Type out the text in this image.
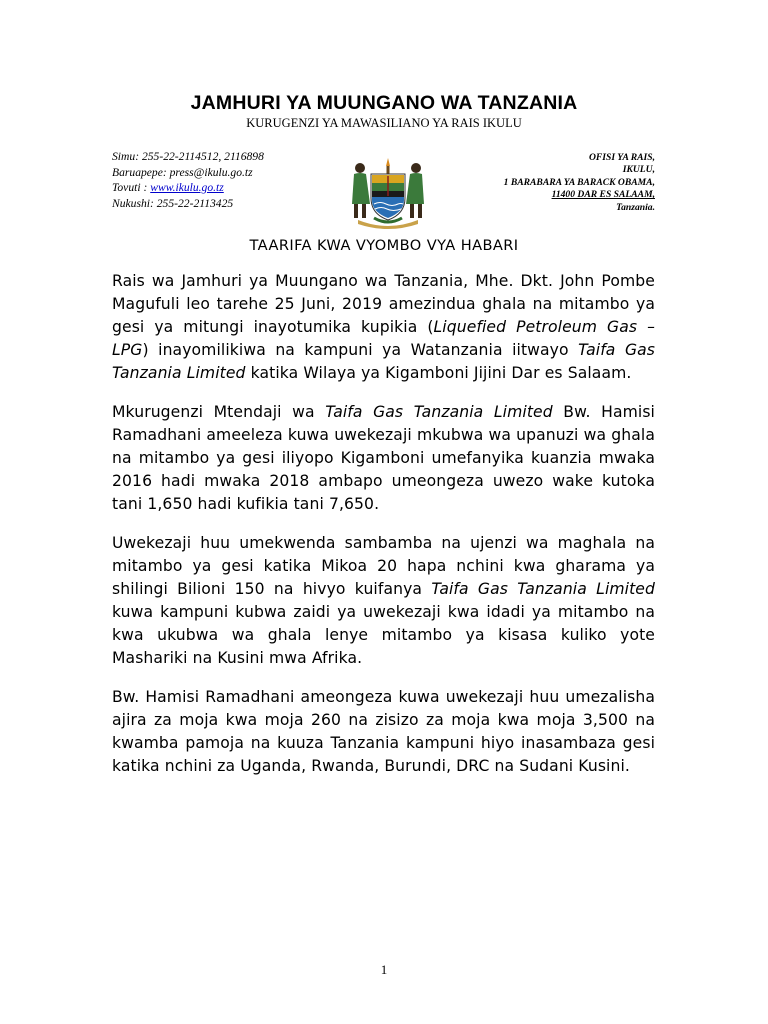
JAMHURI YA MUUNGANO WA TANZANIA
KURUGENZI YA MAWASILIANO YA RAIS IKULU
Simu: 255-22-2114512, 2116898
Baruapepe: press@ikulu.go.tz
Tovuti : www.ikulu.go.tz
Nukushi: 255-22-2113425
OFISI YA RAIS,
IKULU,
1 BARABARA YA BARACK OBAMA,
11400 DAR ES SALAAM,
Tanzania.
TAARIFA KWA VYOMBO VYA HABARI

Rais wa Jamhuri ya Muungano wa Tanzania, Mhe. Dkt. John Pombe Magufuli leo tarehe 25 Juni, 2019 amezindua ghala na mitambo ya gesi ya mitungi inayotumika kupikia (Liquefied Petroleum Gas – LPG) inayomilikiwa na kampuni ya Watanzania iitwayo Taifa Gas Tanzania Limited katika Wilaya ya Kigamboni Jijini Dar es Salaam.

Mkurugenzi Mtendaji wa Taifa Gas Tanzania Limited Bw. Hamisi Ramadhani ameeleza kuwa uwekezaji mkubwa wa upanuzi wa ghala na mitambo ya gesi iliyopo Kigamboni umefanyika kuanzia mwaka 2016 hadi mwaka 2018 ambapo umeongeza uwezo wake kutoka tani 1,650 hadi kufikia tani 7,650.

Uwekezaji huu umekwenda sambamba na ujenzi wa maghala na mitambo ya gesi katika Mikoa 20 hapa nchini kwa gharama ya shilingi Bilioni 150 na hivyo kuifanya Taifa Gas Tanzania Limited kuwa kampuni kubwa zaidi ya uwekezaji kwa idadi ya mitambo na kwa ukubwa wa ghala lenye mitambo ya kisasa kuliko yote Mashariki na Kusini mwa Afrika.

Bw. Hamisi Ramadhani ameongeza kuwa uwekezaji huu umezalisha ajira za moja kwa moja 260 na zisizo za moja kwa moja 3,500 na kwamba pamoja na kuuza Tanzania kampuni hiyo inasambaza gesi katika nchini za Uganda, Rwanda, Burundi, DRC na Sudani Kusini.

1
